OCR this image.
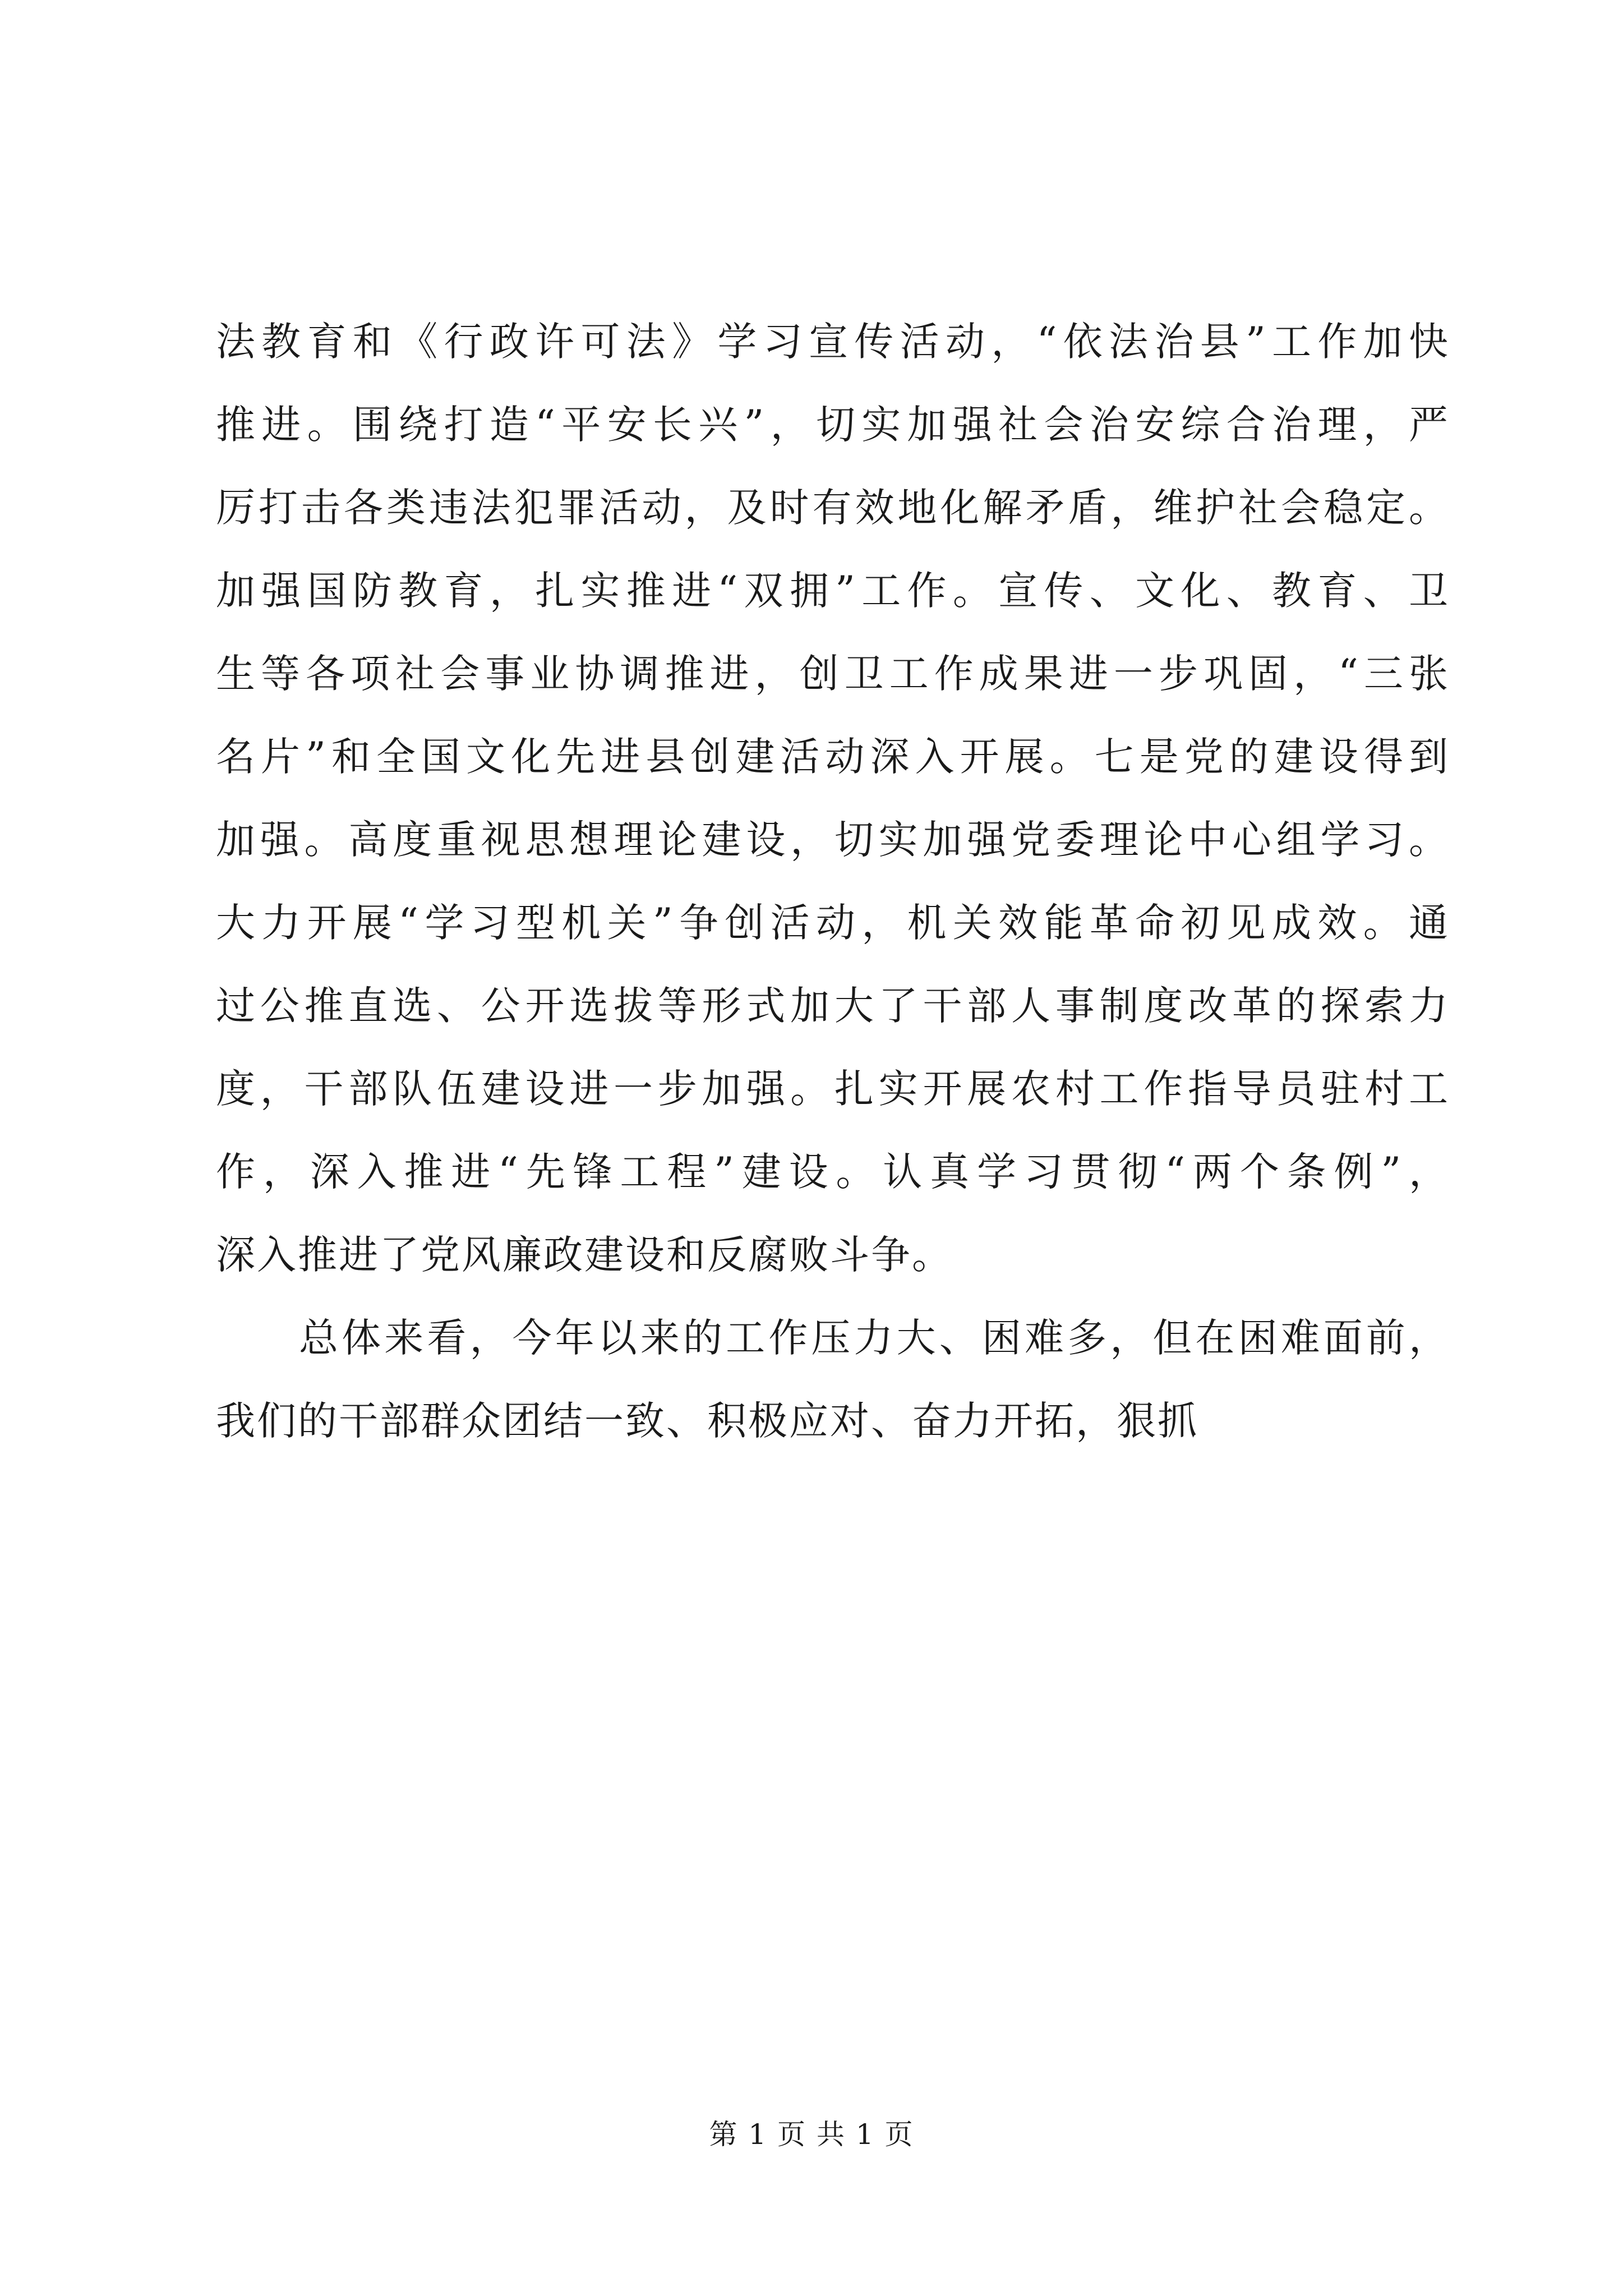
法教育和《行政许可法》学习宣传活动，“依法治县”工作加快
推进。围绕打造“平安长兴”，切实加强社会治安综合治理，严
厉打击各类违法犯罪活动，及时有效地化解矛盾，维护社会稳定。
加强国防教育，扎实推进“双拥”工作。宣传、文化、教育、卫
生等各项社会事业协调推进，创卫工作成果进一步巩固，“三张
名片”和全国文化先进县创建活动深入开展。七是党的建设得到
加强。高度重视思想理论建设，切实加强党委理论中心组学习。
大力开展“学习型机关”争创活动，机关效能革命初见成效。通
过公推直选、公开选拔等形式加大了干部人事制度改革的探索力
度，干部队伍建设进一步加强。扎实开展农村工作指导员驻村工
作，深入推进“先锋工程”建设。认真学习贯彻“两个条例”，
深入推进了党风廉政建设和反腐败斗争。
总体来看，今年以来的工作压力大、困难多，但在困难面前，
我们的干部群众团结一致、积极应对、奋力开拓，狠抓
第 1 页 共 1 页
